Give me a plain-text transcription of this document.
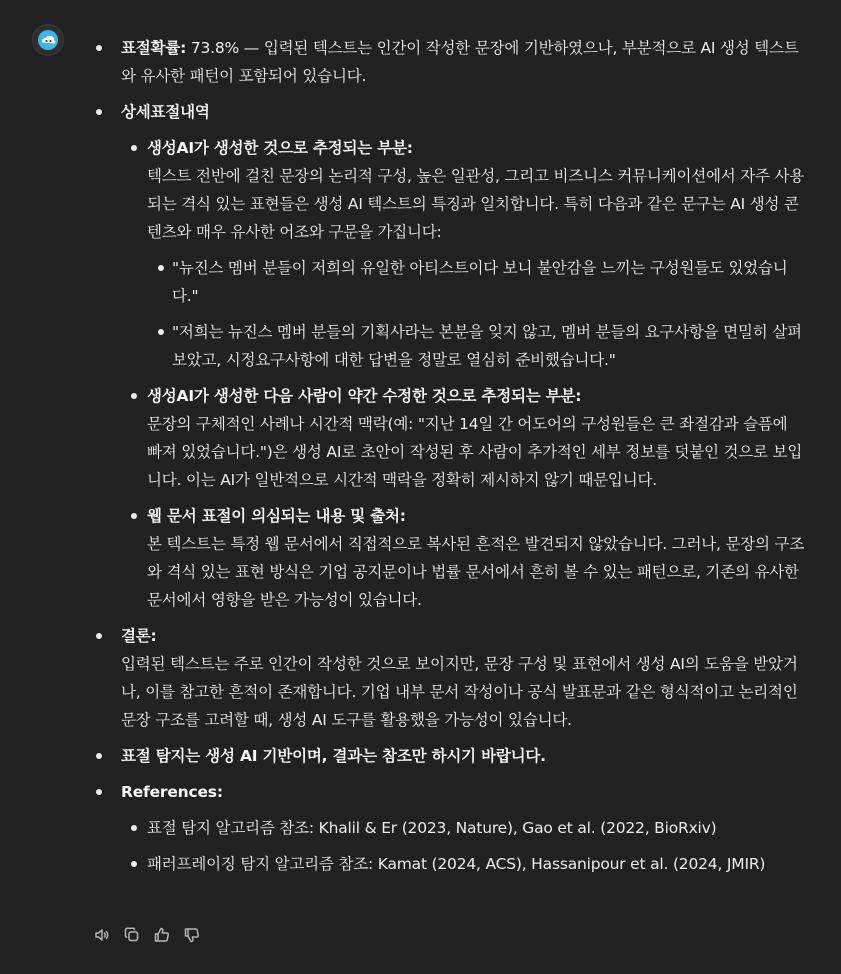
표절확률: 73.8% — 입력된 텍스트는 인간이 작성한 문장에 기반하였으나, 부분적으로 AI 생성 텍스트와 유사한 패턴이 포함되어 있습니다.
상세표절내역
생성AI가 생성한 것으로 추정되는 부분:
텍스트 전반에 걸친 문장의 논리적 구성, 높은 일관성, 그리고 비즈니스 커뮤니케이션에서 자주 사용되는 격식 있는 표현들은 생성 AI 텍스트의 특징과 일치합니다. 특히 다음과 같은 문구는 AI 생성 콘텐츠와 매우 유사한 어조와 구문을 가집니다:
"뉴진스 멤버 분들이 저희의 유일한 아티스트이다 보니 불안감을 느끼는 구성원들도 있었습니다."
"저희는 뉴진스 멤버 분들의 기획사라는 본분을 잊지 않고, 멤버 분들의 요구사항을 면밀히 살펴 보았고, 시정요구사항에 대한 답변을 정말로 열심히 준비했습니다."
생성AI가 생성한 다음 사람이 약간 수정한 것으로 추정되는 부분:
문장의 구체적인 사례나 시간적 맥락(예: "지난 14일 간 어도어의 구성원들은 큰 좌절감과 슬픔에 빠져 있었습니다.")은 생성 AI로 초안이 작성된 후 사람이 추가적인 세부 정보를 덧붙인 것으로 보입니다. 이는 AI가 일반적으로 시간적 맥락을 정확히 제시하지 않기 때문입니다.
웹 문서 표절이 의심되는 내용 및 출처:
본 텍스트는 특정 웹 문서에서 직접적으로 복사된 흔적은 발견되지 않았습니다. 그러나, 문장의 구조와 격식 있는 표현 방식은 기업 공지문이나 법률 문서에서 흔히 볼 수 있는 패턴으로, 기존의 유사한 문서에서 영향을 받은 가능성이 있습니다.
결론:
입력된 텍스트는 주로 인간이 작성한 것으로 보이지만, 문장 구성 및 표현에서 생성 AI의 도움을 받았거나, 이를 참고한 흔적이 존재합니다. 기업 내부 문서 작성이나 공식 발표문과 같은 형식적이고 논리적인 문장 구조를 고려할 때, 생성 AI 도구를 활용했을 가능성이 있습니다.
표절 탐지는 생성 AI 기반이며, 결과는 참조만 하시기 바랍니다.
References:
표절 탐지 알고리즘 참조: Khalil & Er (2023, Nature), Gao et al. (2022, BioRxiv)
패러프레이징 탐지 알고리즘 참조: Kamat (2024, ACS), Hassanipour et al. (2024, JMIR)
